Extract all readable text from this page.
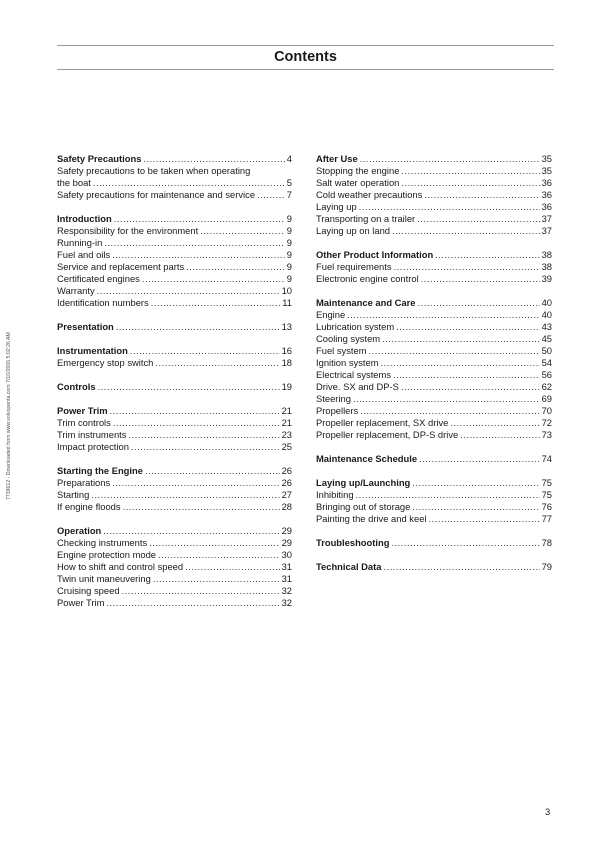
Contents
7739612 - Downloaded from www.volvopenta.com 7/10/2006 5:02:26 AM
Safety Precautions .....	4
Safety precautions to be taken when operating
the boat .....	5
Safety precautions for maintenance and service .....	7
Introduction .....	9
Responsibility for the environment .....	9
Running-in .....	9
Fuel and oils .....	9
Service and replacement parts .....	9
Certificated engines .....	9
Warranty .....	10
Identification numbers .....	11
Presentation .....	13
Instrumentation .....	16
Emergency stop switch .....	18
Controls .....	19
Power Trim .....	21
Trim controls .....	21
Trim instruments .....	23
Impact protection .....	25
Starting the Engine .....	26
Preparations .....	26
Starting .....	27
If engine floods .....	28
Operation .....	29
Checking instruments .....	29
Engine protection mode .....	30
How to shift and control speed .....	31
Twin unit maneuvering .....	31
Cruising speed .....	32
Power Trim .....	32
After Use .....	35
Stopping the engine .....	35
Salt water operation .....	36
Cold weather precautions .....	36
Laying up .....	36
Transporting on a trailer .....	37
Laying up on land .....	37
Other Product Information .....	38
Fuel requirements .....	38
Electronic engine control .....	39
Maintenance and Care .....	40
Engine .....	40
Lubrication system .....	43
Cooling system .....	45
Fuel system .....	50
Ignition system .....	54
Electrical systems .....	56
Drive. SX and DP-S .....	62
Steering .....	69
Propellers .....	70
Propeller replacement, SX drive .....	72
Propeller replacement, DP-S drive .....	73
Maintenance Schedule .....	74
Laying up/Launching .....	75
Inhibiting .....	75
Bringing out of storage .....	76
Painting the drive and keel .....	77
Troubleshooting .....	78
Technical Data .....	79
3
